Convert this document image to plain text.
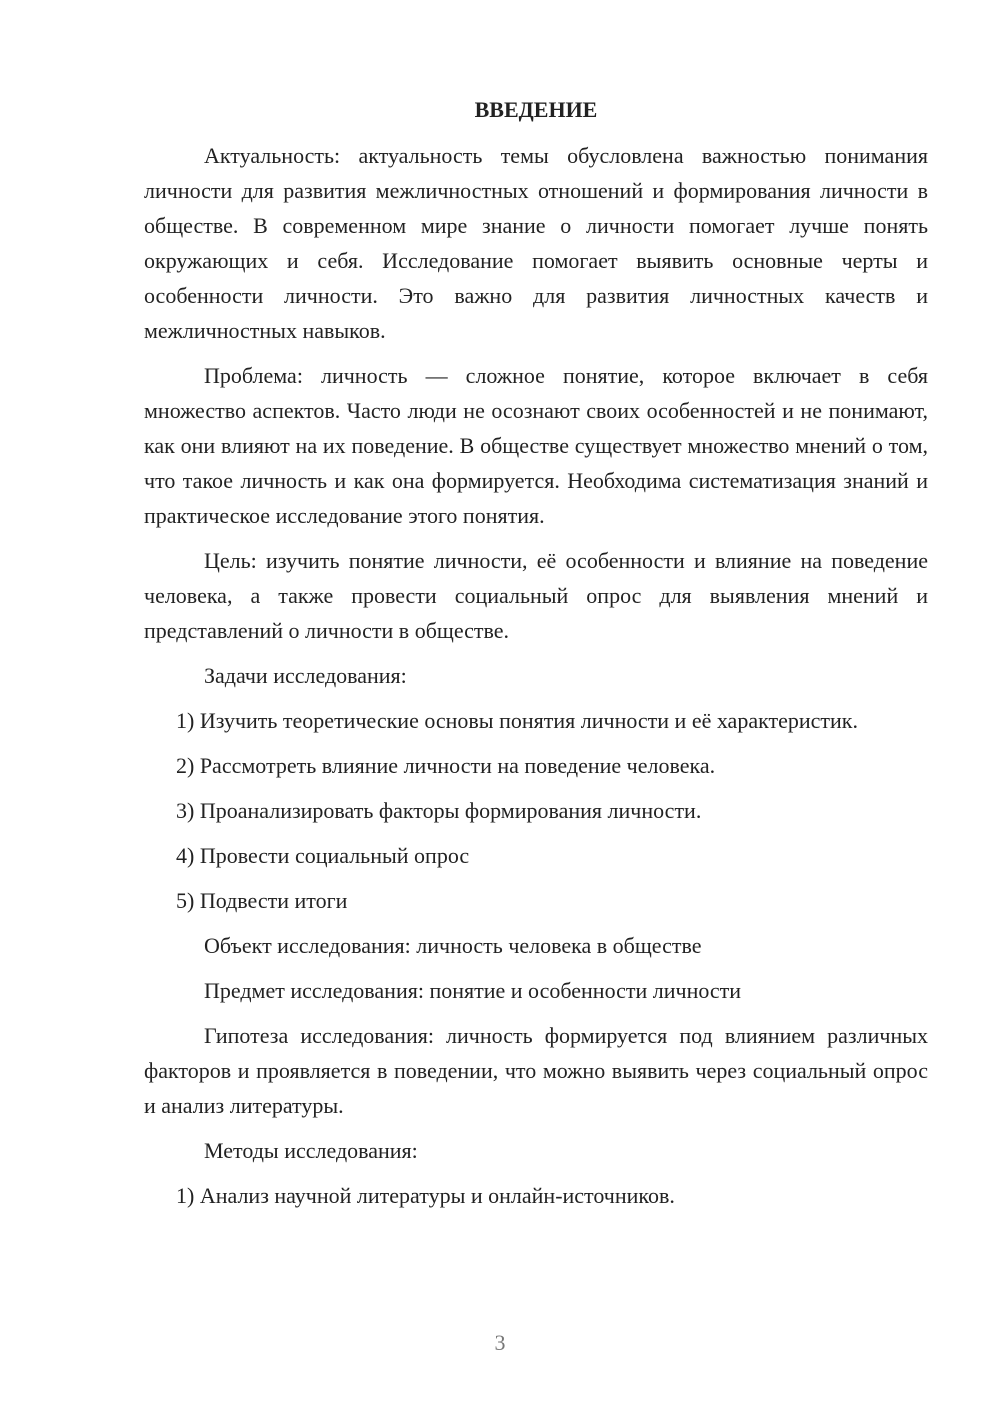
ВВЕДЕНИЕ

Актуальность: актуальность темы обусловлена важностью понимания личности для развития межличностных отношений и формирования личности в обществе. В современном мире знание о личности помогает лучше понять окружающих и себя. Исследование помогает выявить основные черты и особенности личности. Это важно для развития личностных качеств и межличностных навыков.

Проблема: личность — сложное понятие, которое включает в себя множество аспектов. Часто люди не осознают своих особенностей и не понимают, как они влияют на их поведение. В обществе существует множество мнений о том, что такое личность и как она формируется. Необходима систематизация знаний и практическое исследование этого понятия.

Цель: изучить понятие личности, её особенности и влияние на поведение человека, а также провести социальный опрос для выявления мнений и представлений о личности в обществе.

Задачи исследования:

1) Изучить теоретические основы понятия личности и её характеристик.

2) Рассмотреть влияние личности на поведение человека.

3) Проанализировать факторы формирования личности.

4) Провести социальный опрос

5) Подвести итоги

Объект исследования: личность человека в обществе

Предмет исследования: понятие и особенности личности

Гипотеза исследования: личность формируется под влиянием различных факторов и проявляется в поведении, что можно выявить через социальный опрос и анализ литературы.

Методы исследования:

1) Анализ научной литературы и онлайн-источников.

3
